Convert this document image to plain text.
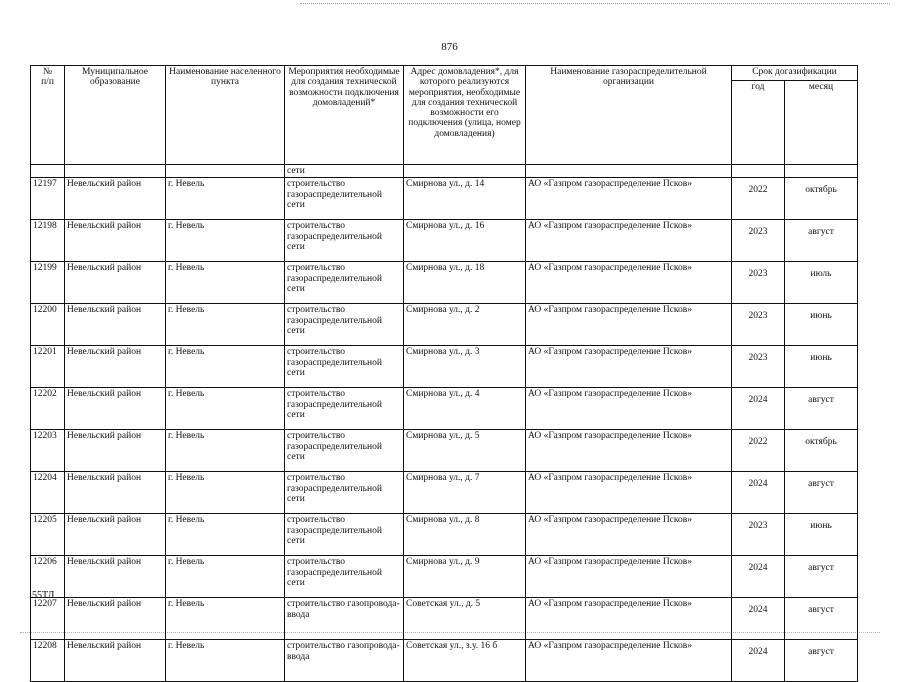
876
№
п/п	Муниципальное образование	Наименование населенного пункта	Мероприятия необходимые для создания технической возможности подключения домовладений*	Адрес домовладения*, для которого реализуются мероприятия, необходимые для создания технической возможности его подключения (улица, номер домовладения)	Наименование газораспределительной организации	Срок догазификации	
						год	месяц
			сети				
12197	Невельский район	г. Невель	строительство газораспределительной сети	Смирнова ул., д. 14	АО «Газпром газораспределение Псков»	2022	октябрь
12198	Невельский район	г. Невель	строительство газораспределительной сети	Смирнова ул., д. 16	АО «Газпром газораспределение Псков»	2023	август
12199	Невельский район	г. Невель	строительство газораспределительной сети	Смирнова ул., д. 18	АО «Газпром газораспределение Псков»	2023	июль
12200	Невельский район	г. Невель	строительство газораспределительной сети	Смирнова ул., д. 2	АО «Газпром газораспределение Псков»	2023	июнь
12201	Невельский район	г. Невель	строительство газораспределительной сети	Смирнова ул., д. 3	АО «Газпром газораспределение Псков»	2023	июнь
12202	Невельский район	г. Невель	строительство газораспределительной сети	Смирнова ул., д. 4	АО «Газпром газораспределение Псков»	2024	август
12203	Невельский район	г. Невель	строительство газораспределительной сети	Смирнова ул., д. 5	АО «Газпром газораспределение Псков»	2022	октябрь
12204	Невельский район	г. Невель	строительство газораспределительной сети	Смирнова ул., д. 7	АО «Газпром газораспределение Псков»	2024	август
12205	Невельский район	г. Невель	строительство газораспределительной сети	Смирнова ул., д. 8	АО «Газпром газораспределение Псков»	2023	июнь
12206	Невельский район	г. Невель	строительство газораспределительной сети	Смирнова ул., д. 9	АО «Газпром газораспределение Псков»	2024	август
12207	Невельский район	г. Невель	строительство газопровода-ввода	Советская ул., д. 5	АО «Газпром газораспределение Псков»	2024	август
12208	Невельский район	г. Невель	строительство газопровода-ввода	Советская ул., з.у. 16 б	АО «Газпром газораспределение Псков»	2024	август
55ТЛ
